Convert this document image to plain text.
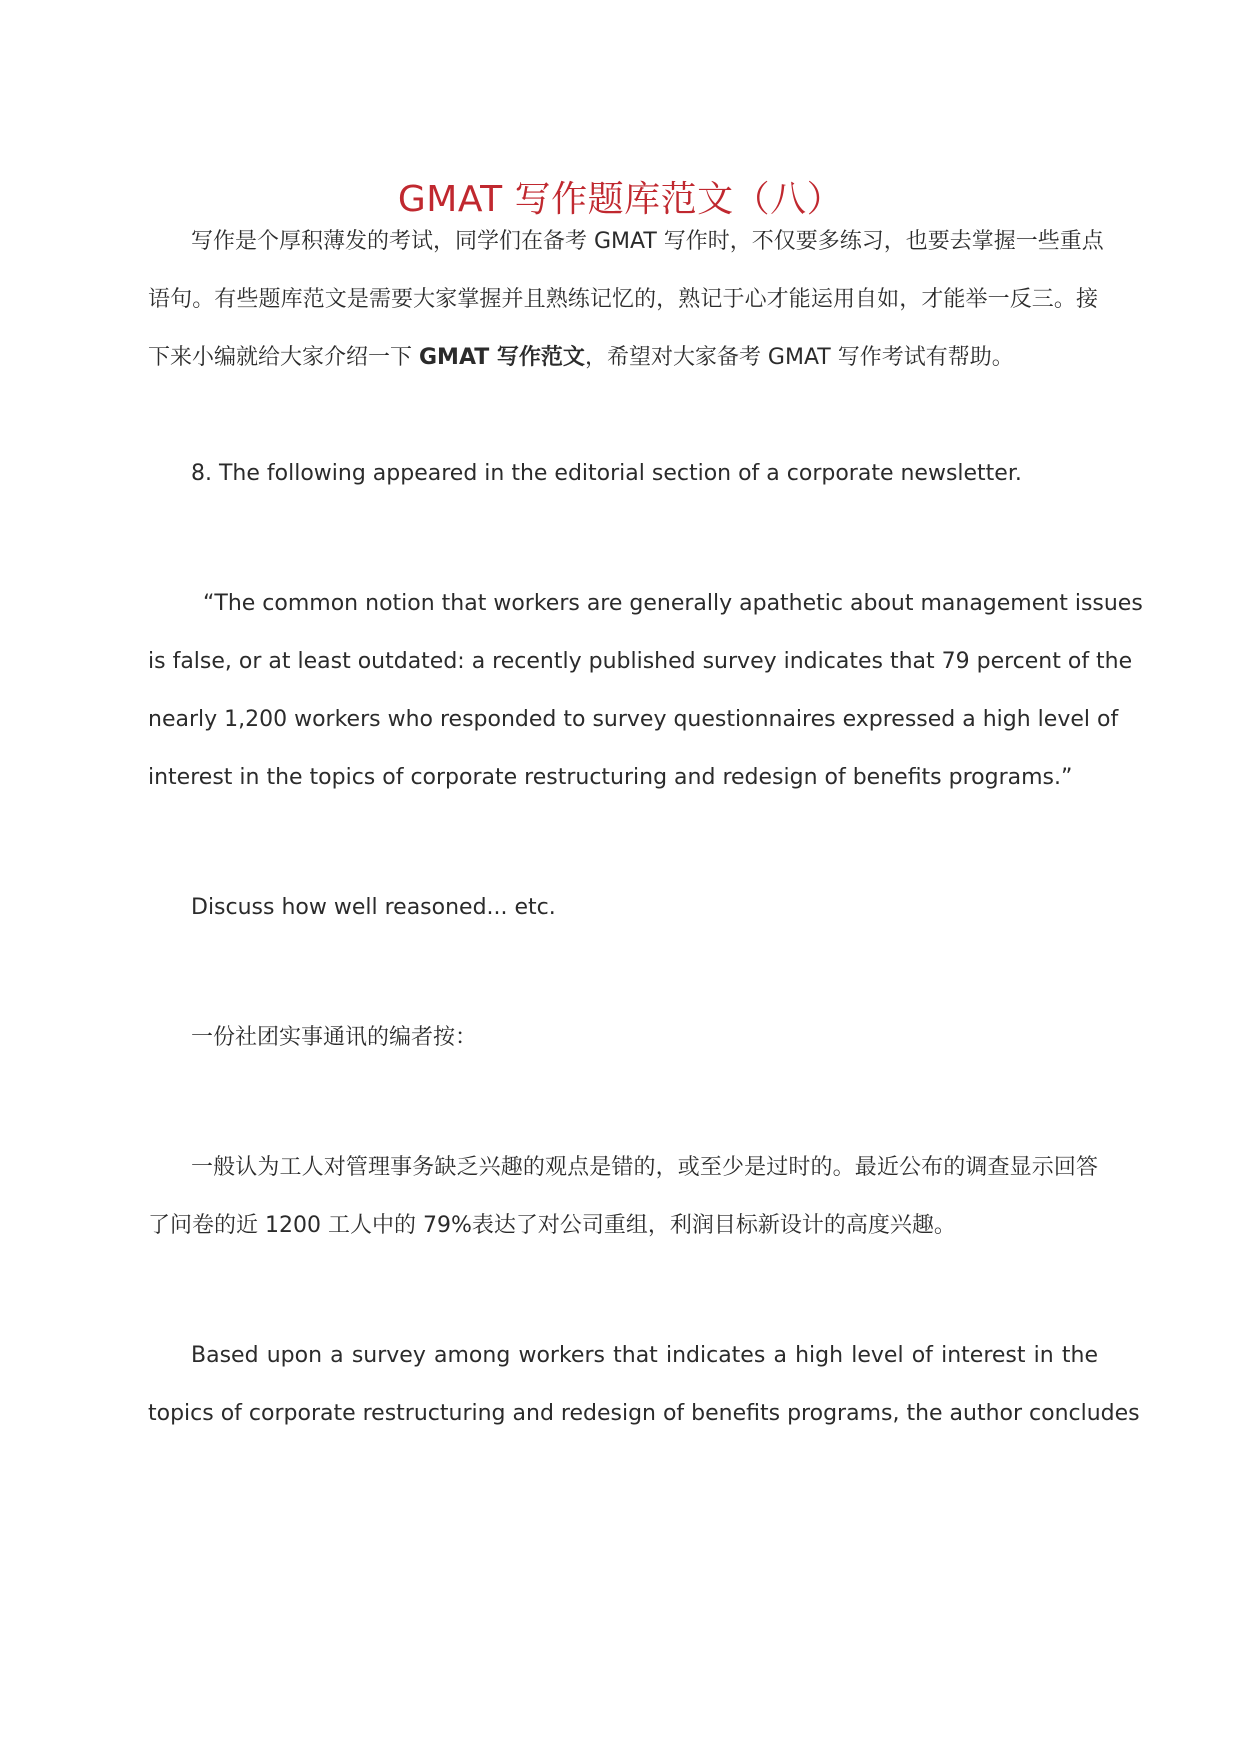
GMAT 写作题库范文（八）
写作是个厚积薄发的考试，同学们在备考 GMAT 写作时，不仅要多练习，也要去掌握一些重点
语句。有些题库范文是需要大家掌握并且熟练记忆的，熟记于心才能运用自如，才能举一反三。接
下来小编就给大家介绍一下 GMAT 写作范文，希望对大家备考 GMAT 写作考试有帮助。
8. The following appeared in the editorial section of a corporate newsletter.
“The common notion that workers are generally apathetic about management issues
is false, or at least outdated: a recently published survey indicates that 79 percent of the
nearly 1,200 workers who responded to survey questionnaires expressed a high level of
interest in the topics of corporate restructuring and redesign of benefits programs.”
Discuss how well reasoned... etc.
一份社团实事通讯的编者按：
一般认为工人对管理事务缺乏兴趣的观点是错的，或至少是过时的。最近公布的调查显示回答
了问卷的近 1200 工人中的 79%表达了对公司重组，利润目标新设计的高度兴趣。
Based upon a survey among workers that indicates a high level of interest in the
topics of corporate restructuring and redesign of benefits programs, the author concludes
